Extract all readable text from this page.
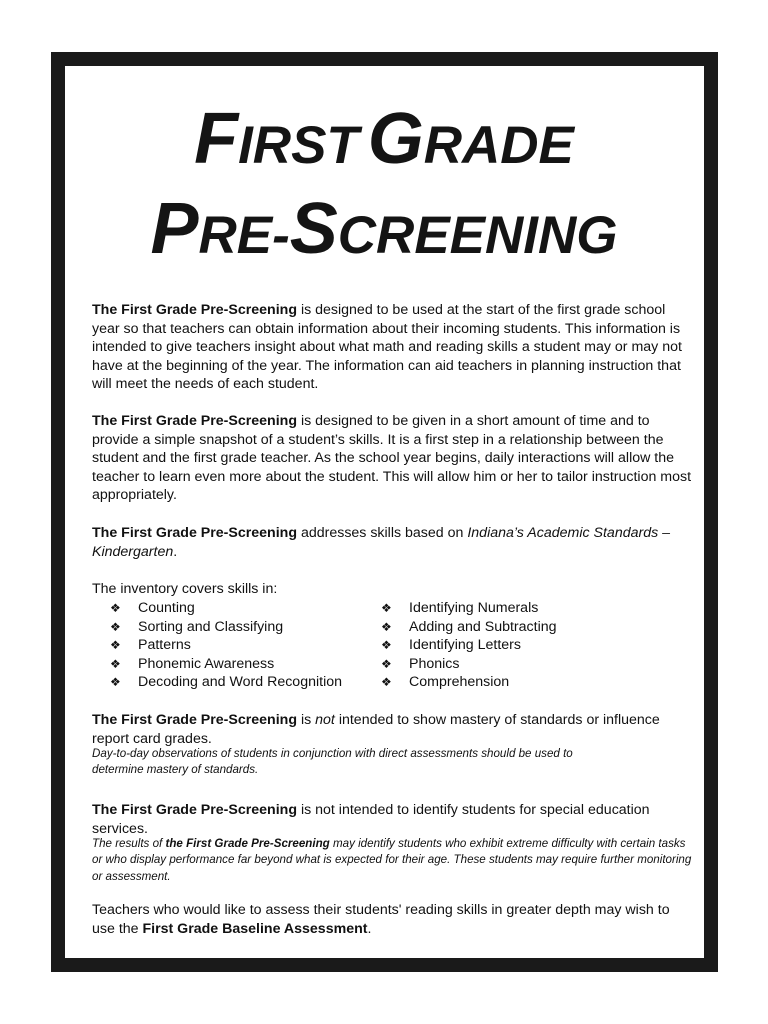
FIRST GRADE
PRE-SCREENING

The First Grade Pre-Screening is designed to be used at the start of the first grade school year so that teachers can obtain information about their incoming students. This information is intended to give teachers insight about what math and reading skills a student may or may not have at the beginning of the year. The information can aid teachers in planning instruction that will meet the needs of each student.

The First Grade Pre-Screening is designed to be given in a short amount of time and to provide a simple snapshot of a student’s skills. It is a first step in a relationship between the student and the first grade teacher. As the school year begins, daily interactions will allow the teacher to learn even more about the student. This will allow him or her to tailor instruction most appropriately.

The First Grade Pre-Screening addresses skills based on Indiana’s Academic Standards –Kindergarten.

The inventory covers skills in:

❖ Counting
❖ Sorting and Classifying
❖ Patterns
❖ Phonemic Awareness
❖ Decoding and Word Recognition
❖ Identifying Numerals
❖ Adding and Subtracting
❖ Identifying Letters
❖ Phonics
❖ Comprehension

The First Grade Pre-Screening is not intended to show mastery of standards or influence report card grades.

Day-to-day observations of students in conjunction with direct assessments should be used to determine mastery of standards.

The First Grade Pre-Screening is not intended to identify students for special education services.

The results of the First Grade Pre-Screening may identify students who exhibit extreme difficulty with certain tasks or who display performance far beyond what is expected for their age. These students may require further monitoring or assessment.

Teachers who would like to assess their students' reading skills in greater depth may wish to use the First Grade Baseline Assessment.
